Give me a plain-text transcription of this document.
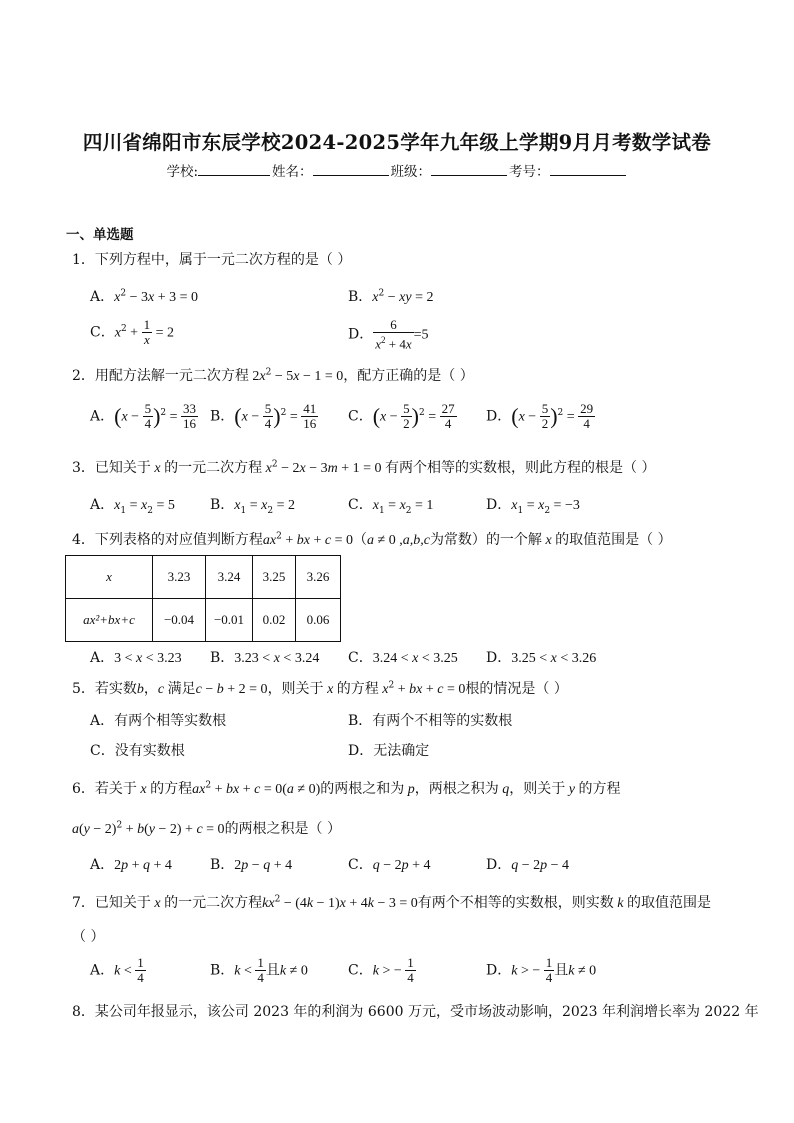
四川省绵阳市东辰学校2024-2025学年九年级上学期9月月考数学试卷
学校:	姓名：	班级：	考号：
一、单选题
1．下列方程中，属于一元二次方程的是（ ）
A．$x^2 - 3x + 3 = 0$	B．$x^2$ − xy = 2
C．$x^2 + \frac{1}{x} = 2$	D． $\frac{6}{x^2 + 4x} =5$
2．用配方法解一元二次方程 $2x^2 - 5x - 1 = 0$，配方正确的是（ ）
A．$(x - \frac{5}{4} )^2 = \frac{33}{16}$ B．$(x - \frac{5}{4} )^2 = \frac{41}{16}$ C．$(x - \frac{5}{2} )^2 = \frac{27}{4}$ D．$(x - \frac{5}{2} )^2 = \frac{29}{4}$
3．已知关于 x 的一元二次方程 $x^2 - 2x - 3m + 1 = 0$ 有两个相等的实数根，则此方程的根是（ ）
A．$x_1 = x_2 = 5$	B．$x_1 = x_2 = 2$	C．$x_1 = x_2 = 1$	D．$x_1 = x_2 = -3$
4．下列表格的对应值判断方程$ax^2$ + bx + c = 0（a ≠ 0 ,a,b,c为常数）的一个解 x 的取值范围是（ ）
x	3.23	3.24	3.25	3.26
ax²+bx+c	−0.04	−0.01	0.02	0.06
A．3 < x < 3.23 B．3.23 < x < 3.24 C．3.24 < x < 3.25 D．3.25 < x < 3.26
5．若实数b，c 满足c − b + 2 = 0，则关于 x 的方程 $x^2$ + bx + c = 0根的情况是（ ）
A．有两个相等实数根	B．有两个不相等的实数根
C．没有实数根	D．无法确定
6．若关于 x 的方程$ax^2$ + bx + c = 0(a ≠ 0)的两根之和为 p，两根之积为 q，则关于 y 的方程
$a(y - 2)^2 + b(y - 2) + c = 0$的两根之积是（ ）
A．2p + q + 4	B．2p − q + 4	C．q − 2p + 4	D．q − 2p − 4
7．已知关于 x 的一元二次方程$kx^2 - (4k - 1)x + 4k - 3 = 0$有两个不相等的实数根，则实数 k 的取值范围是
（ ）
A．$k < \frac{1}{4}$	B．$k < \frac{1}{4}$ 且k ≠ 0	C．k > − $\frac{1}{4}$	D．k > − $\frac{1}{4}$ 且k ≠ 0
8．某公司年报显示，该公司 2023 年的利润为 6600 万元，受市场波动影响，2023 年利润增长率为 2022 年
